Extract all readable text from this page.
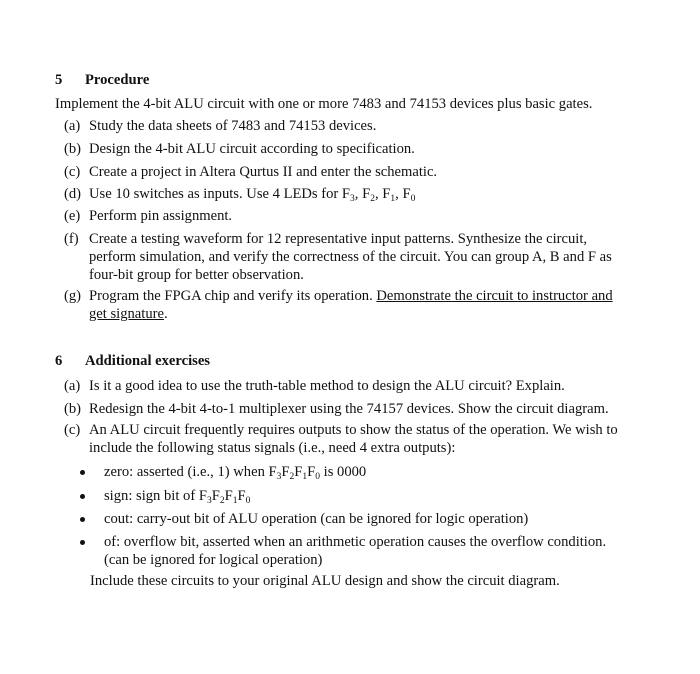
5 Procedure
Implement the 4-bit ALU circuit with one or more 7483 and 74153 devices plus basic gates.
(a) Study the data sheets of 7483 and 74153 devices.
(b) Design the 4-bit ALU circuit according to specification.
(c) Create a project in Altera Qurtus II and enter the schematic.
(d) Use 10 switches as inputs. Use 4 LEDs for $F_3$, $F_2$, $F_1$, $F_0$
(e) Perform pin assignment.
(f) Create a testing waveform for 12 representative input patterns. Synthesize the circuit,
perform simulation, and verify the correctness of the circuit. You can group A, B and F as
four-bit group for better observation.
(g) Program the FPGA chip and verify its operation. Demonstrate the circuit to instructor and
get signature.
6 Additional exercises
(a) Is it a good idea to use the truth-table method to design the ALU circuit? Explain.
(b) Redesign the 4-bit 4-to-1 multiplexer using the 74157 devices. Show the circuit diagram.
(c) An ALU circuit frequently requires outputs to show the status of the operation. We wish to
include the following status signals (i.e., need 4 extra outputs):
zero: asserted (i.e., 1) when $F_3F_2F_1F_0$ is 0000
sign: sign bit of $F_3F_2F_1F_0$
cout: carry-out bit of ALU operation (can be ignored for logic operation)
of: overflow bit, asserted when an arithmetic operation causes the overflow condition.
(can be ignored for logical operation)
Include these circuits to your original ALU design and show the circuit diagram.
